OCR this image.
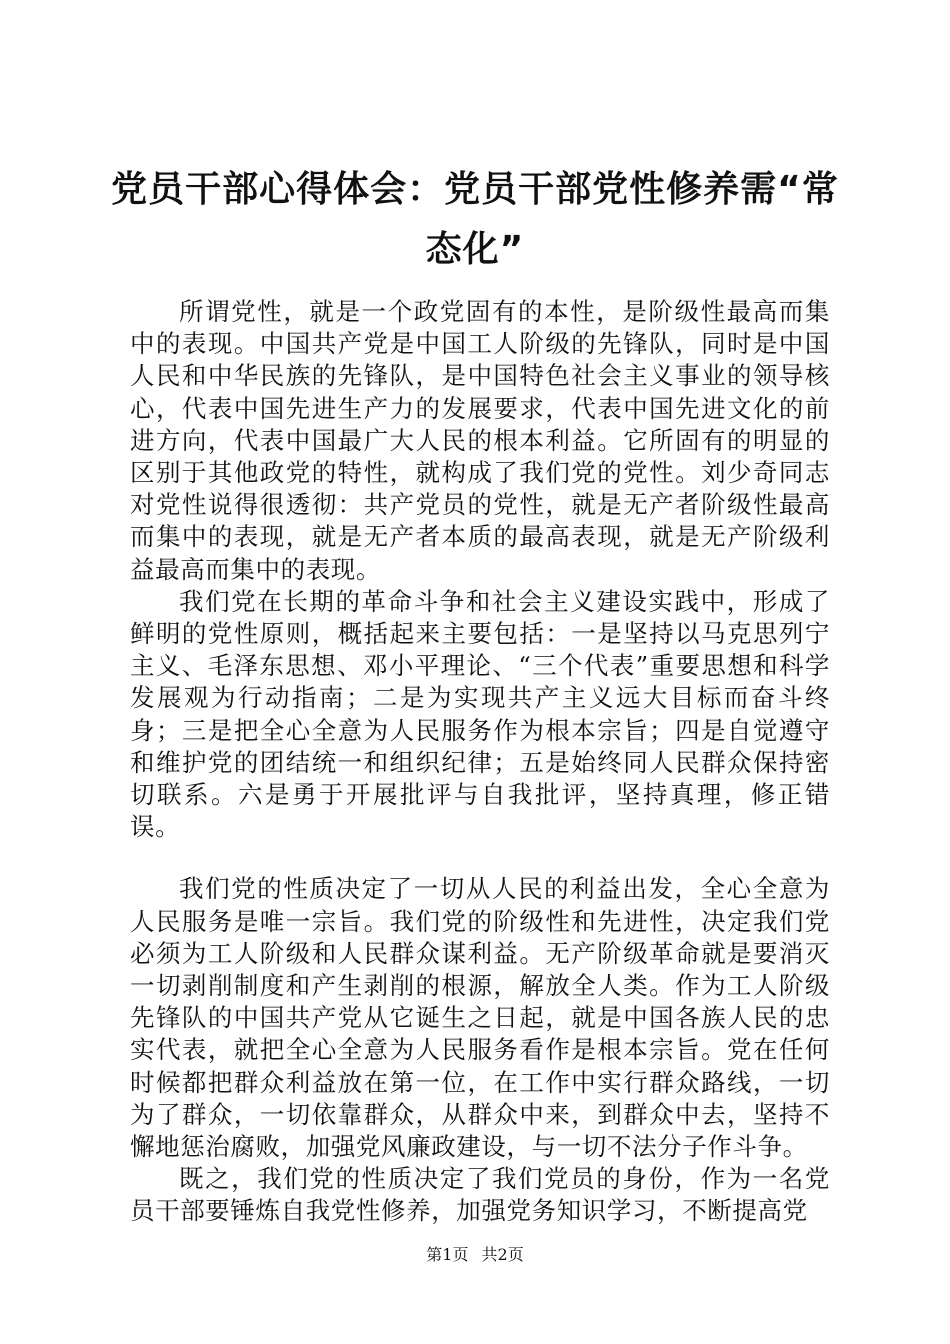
党员干部心得体会：党员干部党性修养需“常态化”

所谓党性，就是一个政党固有的本性，是阶级性最高而集中的表现。中国共产党是中国工人阶级的先锋队，同时是中国人民和中华民族的先锋队，是中国特色社会主义事业的领导核心，代表中国先进生产力的发展要求，代表中国先进文化的前进方向，代表中国最广大人民的根本利益。它所固有的明显的区别于其他政党的特性，就构成了我们党的党性。刘少奇同志对党性说得很透彻：共产党员的党性，就是无产者阶级性最高而集中的表现，就是无产者本质的最高表现，就是无产阶级利益最高而集中的表现。

我们党在长期的革命斗争和社会主义建设实践中，形成了鲜明的党性原则，概括起来主要包括：一是坚持以马克思列宁主义、毛泽东思想、邓小平理论、“三个代表”重要思想和科学发展观为行动指南；二是为实现共产主义远大目标而奋斗终身；三是把全心全意为人民服务作为根本宗旨；四是自觉遵守和维护党的团结统一和组织纪律；五是始终同人民群众保持密切联系。六是勇于开展批评与自我批评，坚持真理，修正错误。

我们党的性质决定了一切从人民的利益出发，全心全意为人民服务是唯一宗旨。我们党的阶级性和先进性，决定我们党必须为工人阶级和人民群众谋利益。无产阶级革命就是要消灭一切剥削制度和产生剥削的根源，解放全人类。作为工人阶级先锋队的中国共产党从它诞生之日起，就是中国各族人民的忠实代表，就把全心全意为人民服务看作是根本宗旨。党在任何时候都把群众利益放在第一位，在工作中实行群众路线，一切为了群众，一切依靠群众，从群众中来，到群众中去，坚持不懈地惩治腐败，加强党风廉政建设，与一切不法分子作斗争。

既之，我们党的性质决定了我们党员的身份，作为一名党员干部要锤炼自我党性修养，加强党务知识学习，不断提高党

第1页 共2页
